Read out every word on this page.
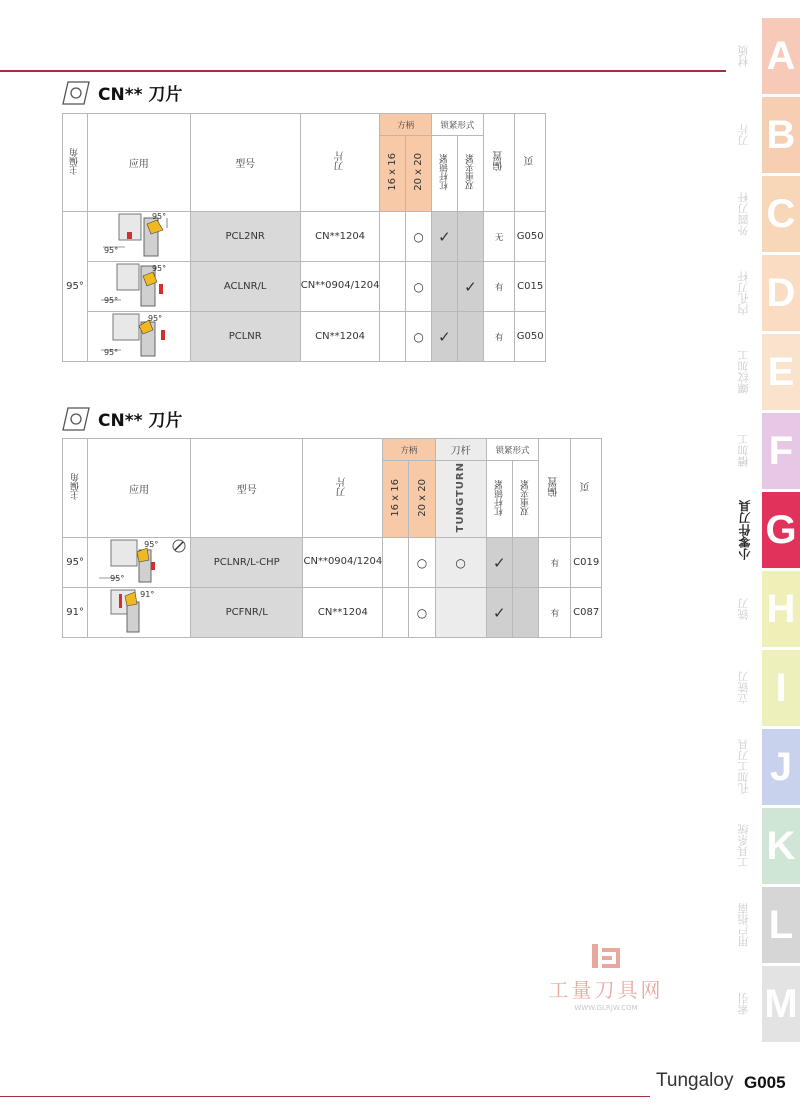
CN** 刀片
主偏角	应用	型号	刀片	方柄		锁紧形式		偏置	页
				16 x 16	20 x 20	杠杆锁紧	双重夹紧		
95°	95°
95°	PCL2NR	CN**1204		○	✓		无	G050

	95°
95°	ACLNR/L	CN**0904/1204		○		✓	有	C015

	95°
95°	PCLNR	CN**1204		○	✓		有	G050
CN** 刀片
主偏角	应用	型号	刀片	方柄		刀杆	锁紧形式		偏置	页
				16 x 16	20 x 20	TUNGTURN	杠杆锁紧	双重夹紧		
95°	95°
95°	PCLNR/L-CHP	CN**0904/1204		○	○	✓		有	C019
91°	91°	PCFNR/L	CN**1204		○		✓		有	C087
材质 A
刀片 B
外圆刀杆 C
内孔刀杆 D
螺纹加工 E
槽加工 F
小零件刀具 G
铣刀 H
立铣刀 I
孔加工刀具 J
工具系统 K
用户指南 L
索引 M
工量刀具网
WWW.GLRJW.COM
Tungaloy G005
